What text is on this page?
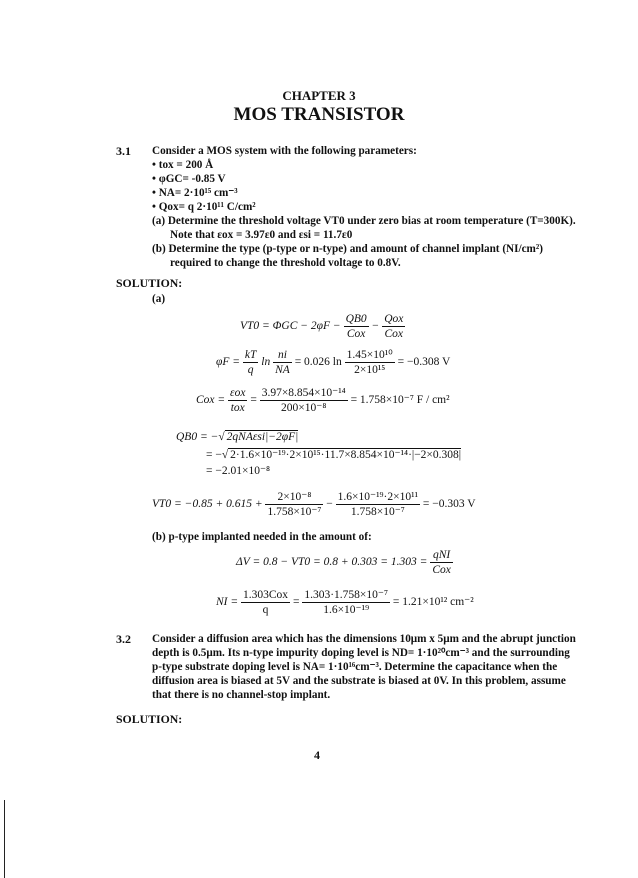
CHAPTER 3
MOS TRANSISTOR
3.1 Consider a MOS system with the following parameters:
• tox = 200 Å
• φGC= -0.85 V
• NA= 2·10¹⁵ cm⁻³
• Qox= q 2·10¹¹ C/cm²
(a) Determine the threshold voltage VT0 under zero bias at room temperature (T=300K).
Note that εox = 3.97ε0 and εsi = 11.7ε0
(b) Determine the type (p-type or n-type) and amount of channel implant (NI/cm²)
required to change the threshold voltage to 0.8V.
SOLUTION:
(a)
$VT0 = \Phi GC - 2\varphi F - \frac{QB0}{\text{Cox}} - \frac{\text{Qox}}{\text{Cox}}$
$\varphi F = \frac{kT}{q}$ $\ln \frac{ni}{NA} = 0.026$ $\ln \frac{\text{1.45×10¹⁰}}{\text{2×10¹⁵}} = -0.308$ V
Cox = $\frac{\text{εox}}{\text{tox}} = \frac{\text{3.97×8.854×10⁻¹⁴}}{\text{200×10⁻⁸}} = 1.758\times 10^{-7}$ F / cm²
QB0 = −√ 2qNAεsi|−2φF|
= −√ 2·1.6×10⁻¹⁹·2×10¹⁵·11.7×8.854×10⁻¹⁴·|−2×0.308|
= −2.01×10⁻⁸
$VT0 = -0.85 + 0.615 + \frac{\text{2×10⁻⁸}}{\text{1.758×10⁻⁷}} - \frac{\text{1.6×10⁻¹⁹·2×10¹¹}}{\text{1.758×10⁻⁷}} = -0.303$ V
(b) p-type implanted needed in the amount of:
$\Delta V = 0.8 - VT0 = 0.8 + 0.303 = 1.303 = \frac{\text{qNI}}{\text{Cox}}$
NI = $\frac{\text{1.303Cox}}{q} = \frac{\text{1.303·1.758×10⁻⁷}}{\text{1.6×10⁻¹⁹}} = 1.21\times 10^{12}$ cm⁻²
3.2 Consider a diffusion area which has the dimensions 10μm x 5μm and the abrupt junction
depth is 0.5μm. Its n-type impurity doping level is ND= 1·10²⁰cm⁻³ and the surrounding
p-type substrate doping level is NA= 1·10¹⁶cm⁻³. Determine the capacitance when the
diffusion area is biased at 5V and the substrate is biased at 0V. In this problem, assume
that there is no channel-stop implant.
SOLUTION:
4
